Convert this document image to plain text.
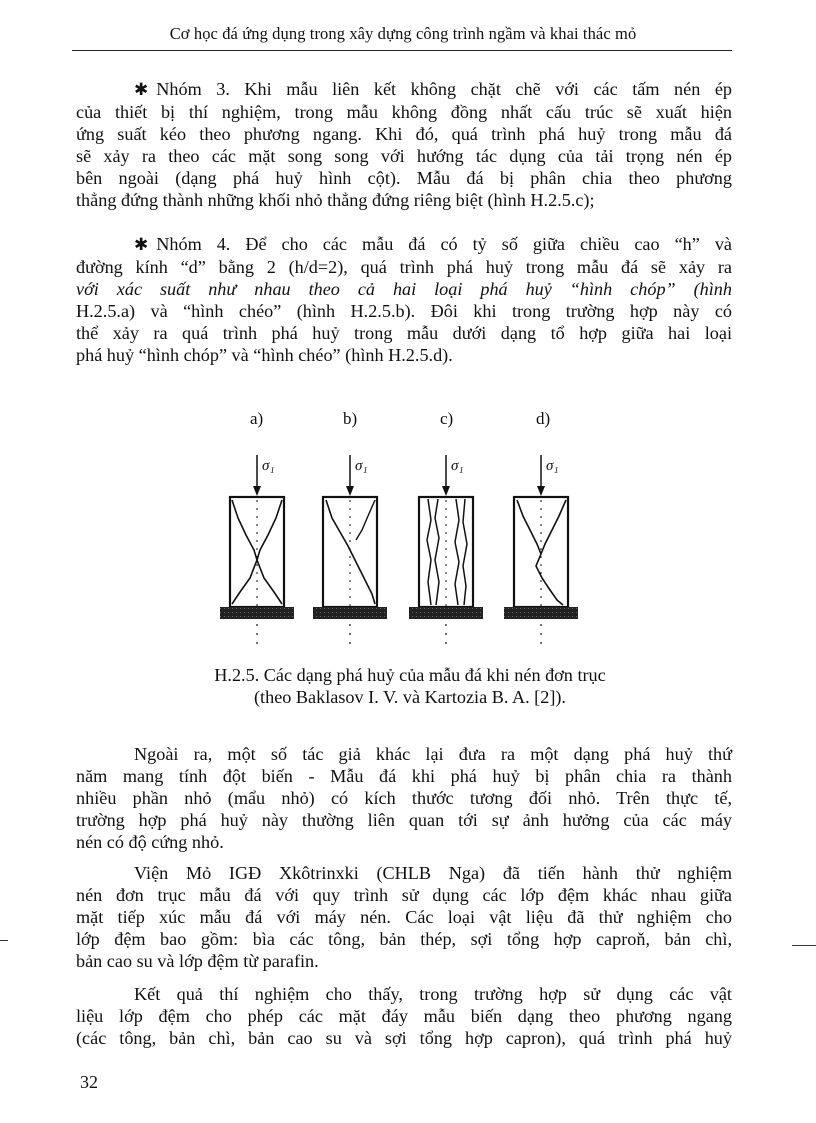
Cơ học đá ứng dụng trong xây dựng công trình ngầm và khai thác mỏ
✱ Nhóm 3. Khi mẫu liên kết không chặt chẽ với các tấm nén ép
của thiết bị thí nghiệm, trong mẫu không đồng nhất cấu trúc sẽ xuất hiện
ứng suất kéo theo phương ngang. Khi đó, quá trình phá huỷ trong mẫu đá
sẽ xảy ra theo các mặt song song với hướng tác dụng của tải trọng nén ép
bên ngoài (dạng phá huỷ hình cột). Mẫu đá bị phân chia theo phương
thẳng đứng thành những khối nhỏ thẳng đứng riêng biệt (hình H.2.5.c);
✱ Nhóm 4. Để cho các mẫu đá có tỷ số giữa chiều cao “h” và
đường kính “d” bằng 2 (h/d=2), quá trình phá huỷ trong mẫu đá sẽ xảy ra
với xác suất như nhau theo cả hai loại phá huỷ “hình chóp” (hình
H.2.5.a) và “hình chéo” (hình H.2.5.b). Đôi khi trong trường hợp này có
thể xảy ra quá trình phá huỷ trong mẫu dưới dạng tổ hợp giữa hai loại
phá huỷ “hình chóp” và “hình chéo” (hình H.2.5.d).
a)
σ₁
b)
σ₁
c)
σ₁
d)
σ₁
H.2.5. Các dạng phá huỷ của mẫu đá khi nén đơn trục
(theo Baklasov I. V. và Kartozia B. A. [2]).
Ngoài ra, một số tác giả khác lại đưa ra một dạng phá huỷ thứ
năm mang tính đột biến - Mẫu đá khi phá huỷ bị phân chia ra thành
nhiều phần nhỏ (mẩu nhỏ) có kích thước tương đối nhỏ. Trên thực tế,
trường hợp phá huỷ này thường liên quan tới sự ảnh hưởng của các máy
nén có độ cứng nhỏ.
Viện Mỏ IGĐ Xkôtrinxki (CHLB Nga) đã tiến hành thử nghiệm
nén đơn trục mẫu đá với quy trình sử dụng các lớp đệm khác nhau giữa
mặt tiếp xúc mẫu đá với máy nén. Các loại vật liệu đã thử nghiệm cho
lớp đệm bao gồm: bìa các tông, bản thép, sợi tổng hợp caproň, bản chì,
bản cao su và lớp đệm từ parafin.
Kết quả thí nghiệm cho thấy, trong trường hợp sử dụng các vật
liệu lớp đệm cho phép các mặt đáy mẫu biến dạng theo phương ngang
(các tông, bản chì, bản cao su và sợi tổng hợp capron), quá trình phá huỷ
32
